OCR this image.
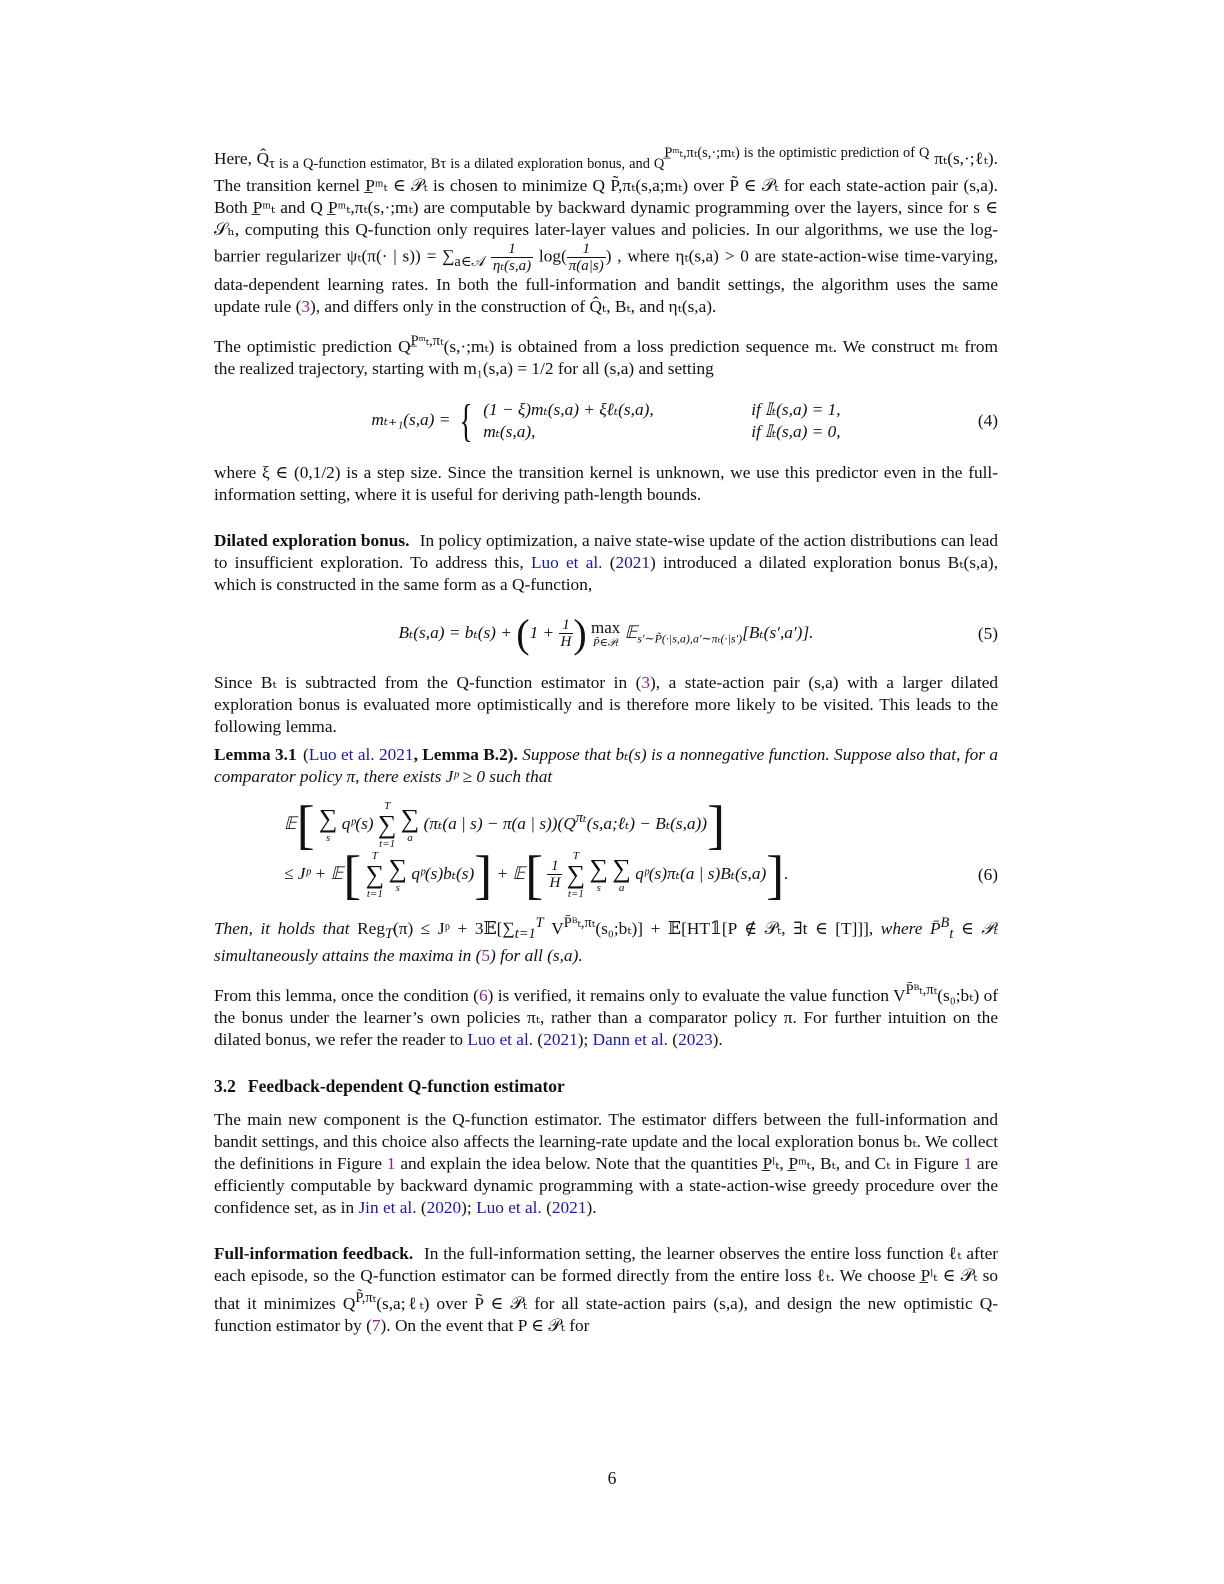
Here, $Q̂_{\tau is a Q-function estimator, B\tau is a dilated exploration bonus, and Q}^{P̲ᵐ_t,\pi_t(s,\cdot;m_t) is the optimistic prediction of Q}$ πₜ(s,·;ℓₜ). The transition kernel P̲ᵐₜ ∈ 𝒫ₜ is chosen to minimize Q P̃,πₜ(s,a;mₜ) over P̃ ∈ 𝒫ₜ for each state-action pair (s,a). Both P̲ᵐₜ and Q P̲ᵐₜ,πₜ(s,·;mₜ) are computable by backward dynamic programming over the layers, since for s ∈ 𝒮ₕ, computing this Q-function only requires later-layer values and policies. In our algorithms, we use the log-barrier regularizer ψₜ(π(· | $s)) = \sum_{a\in 𝒜} \frac{1}{\text{ηₜ(s,a)}} \log( \frac{1}{\pi(a|s)}$ ) , where ηₜ(s,a) > 0 are state-action-wise time-varying, data-dependent learning rates. In both the full-information and bandit settings, the algorithm uses the same update rule (3), and differs only in the construction of Q̂ₜ, Bₜ, and ηₜ(s,a).

The optimistic prediction $Q^{P̲ᵐ_t,\pi_t}(s,\cdot;m_t)$ is obtained from a loss prediction sequence mₜ. We construct mₜ from the realized trajectory, starting with m₁(s,a) = 1/2 for all (s,a) and setting

mₜ₊₁(s,a) = { (1 − ξ)mₜ(s,a) + ξℓₜ(s,a),	if 𝕀ₜ(s,a) = 1,
mₜ(s,a),	if 𝕀ₜ(s,a) = 0,
(4)

where ξ ∈ (0,1/2) is a step size. Since the transition kernel is unknown, we use this predictor even in the full-information setting, where it is useful for deriving path-length bounds.

Dilated exploration bonus. In policy optimization, a naive state-wise update of the action distributions can lead to insufficient exploration. To address this, Luo et al. (2021) introduced a dilated exploration bonus Bₜ(s,a), which is constructed in the same form as a Q-function,

$B_t(s,a) = b_t(s) + (1 + \frac{1}{H}$ ) max
P̃∈𝒫ₜ
𝔼$_{s'\sim P̃(\cdot|s,a),a'\sim\pi_t(\cdot|s')}$[Bₜ(s′,a′)].	(5)

Since Bₜ is subtracted from the Q-function estimator in (3), a state-action pair (s,a) with a larger dilated exploration bonus is evaluated more optimistically and is therefore more likely to be visited. This leads to the following lemma.

Lemma 3.1 (Luo et al. 2021, Lemma B.2). Suppose that bₜ(s) is a nonnegative function. Suppose also that, for a comparator policy π, there exists Jᵖ ≥ 0 such that

𝔼[ ∑
s
qᵖ(s)
T
∑
t=1

∑
a
(πₜ(a | s) − π(a | $s))(Q^{\pi_t}(s,a;\ell_t) - B_t(s,a))$]
≤ Jᵖ + 𝔼[ T
∑
t=1

∑
s
qᵖ(s)bₜ(s)] + 𝔼[ $\frac{1}{H}$

T
∑
t=1

∑
s

∑
a
qᵖ(s)πₜ(a | s)Bₜ(s,a)].	(6)

Then, it holds that Reg$_T$(π) ≤ Jᵖ + $3𝔼[\sum_{t=1}^T$ $V^{P̄ᴮ_t,\pi_t}(s_0;b_t)$] + 𝔼[HT𝟙[P ∉ 𝒫ₜ, ∃t ∈ [T]]], where P̄$^B_t$ ∈ 𝒫ₜ simultaneously attains the maxima in (5) for all (s,a).

From this lemma, once the condition (6) is verified, it remains only to evaluate the value function $V^{P̄ᴮ_t,\pi_t}(s_0;b_t)$ of the bonus under the learner’s own policies πₜ, rather than a comparator policy π. For further intuition on the dilated bonus, we refer the reader to Luo et al. (2021); Dann et al. (2023).

3.2 Feedback-dependent Q-function estimator

The main new component is the Q-function estimator. The estimator differs between the full-information and bandit settings, and this choice also affects the learning-rate update and the local exploration bonus bₜ. We collect the definitions in Figure 1 and explain the idea below. Note that the quantities P̲ˡₜ, P̲ᵐₜ, Bₜ, and Cₜ in Figure 1 are efficiently computable by backward dynamic programming with a state-action-wise greedy procedure over the confidence set, as in Jin et al. (2020); Luo et al. (2021).

Full-information feedback. In the full-information setting, the learner observes the entire loss function ℓₜ after each episode, so the Q-function estimator can be formed directly from the entire loss ℓₜ. We choose P̲ˡₜ ∈ 𝒫ₜ so that it minimizes $Q^{P̃,\pi_t}(s,a;\ell_t)$ over P̃ ∈ 𝒫ₜ for all state-action pairs (s,a), and design the new optimistic Q-function estimator by (7). On the event that P ∈ 𝒫ₜ for

6
